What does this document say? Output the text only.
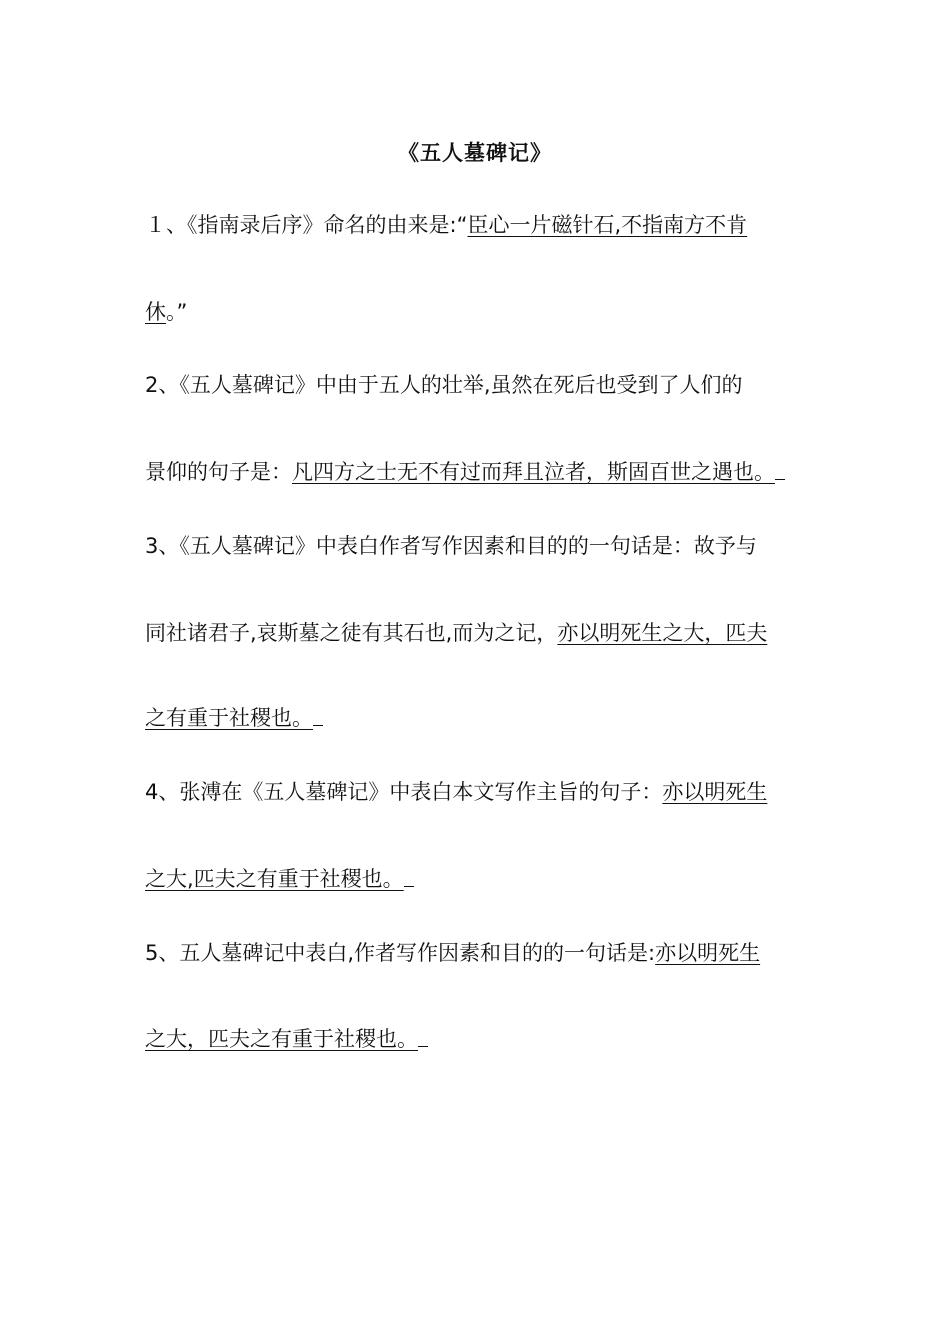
《五人墓碑记》
１、《指南录后序》命名的由来是:“臣心一片磁针石,不指南方不肯
休。”
2、《五人墓碑记》中由于五人的壮举,虽然在死后也受到了人们的
景仰的句子是：凡四方之士无不有过而拜且泣者，斯固百世之遇也。
3、《五人墓碑记》中表白作者写作因素和目的的一句话是：故予与
同社诸君子,哀斯墓之徒有其石也,而为之记，亦以明死生之大，匹夫
之有重于社稷也。
4、张溥在《五人墓碑记》中表白本文写作主旨的句子：亦以明死生
之大,匹夫之有重于社稷也。
5、五人墓碑记中表白,作者写作因素和目的的一句话是:亦以明死生
之大，匹夫之有重于社稷也。
